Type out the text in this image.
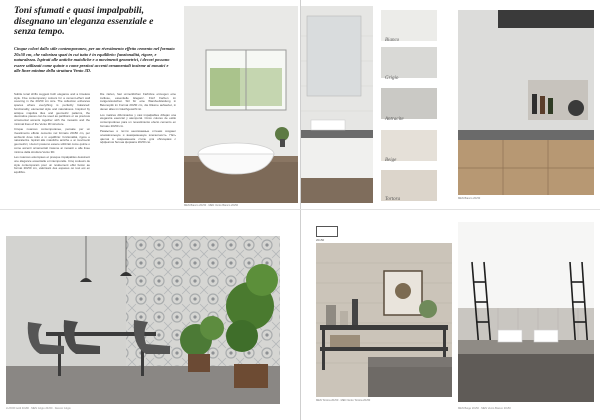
Toni sfumati e quasi impalpabili, disegnano un'eleganza essenziale e senza tempo.
Cinque colori dallo stile contemporaneo, per un rivestimento effetto cemento nel formato 20x50 cm, che valorizza spazi in cui tutto è in equilibrio: funzionalità, rigore, e naturalezza. Ispirati alle antiche maioliche e a movimenti geometrici, i decori possono essere utilizzati come quinte o come preziosi accenti ornamentali insieme ai mosaici e alle linee minime della struttura Vento 3D.

Subtle tonal shifts suggest both elegance and a timeless style. Five contemporary colours for a cement-effect wall covering in the 20x50 cm size. The collection enhances spaces where everything is perfectly balanced: functionality, elemental style and naturalness. Inspired by antique majolica tiles and geometric patterns, the decorative pieces can be used as partitions or as precious ornamental accents together with the mosaics and the minimal lines of the Vento 3D structure.

Cinque nuances contemporanee, pensate per un rivestimento effetto cemento nel formato 20x50 cm, per ambienti dove tutto è in equilibrio: funzionalità, rigore e naturalezza. Ispirati alle maioliche antiche e ai movimenti geometrici, i decori possono essere utilizzati come quinte o come accenti ornamentali insieme ai mosaici e alle linee minime della struttura Vento 3D.

Les nuances estompées et presque impalpables dessinent une élégance essentielle et intemporelle. Cinq couleurs de style contemporain pour un revêtement effet béton au format 20x50 cm, valorisant des espaces où tout est en équilibre.

Die zarten, fast unmerklichen Farbtöne erzeugen eine zeitlose, essentielle Eleganz. Fünf Farben im zeitgenössischen Stil für eine Wandverkleidung in Betonoptik im Format 20x50 cm, die Räume aufwertet, in denen alles im Gleichgewicht ist.

Los matices difuminados y casi impalpables dibujan una elegancia esencial y atemporal. Cinco colores de estilo contemporáneo para un revestimiento efecto cemento en formato 20x50 cm.

Размытые и почти неосязаемые оттенки создают основательную и вневременную элегантность. Пять цветов в современном стиле для облицовки с эффектом бетона формата 20x50 см.

MEN Bianco 20x50 · MEN Vento Bianco 20x50
Bianco
Grigio
Antracite
Beige
Tortora	MEN Bianco 20x50
LUXOR Gold 40x80 · MEN Grigio 20x50 · Decoro Grigio
20x50
MEN Tortora 20x50 · MEN Vento Tortora 20x50
MEN Beige 20x50 · MEN Vento Bianco 20x50
